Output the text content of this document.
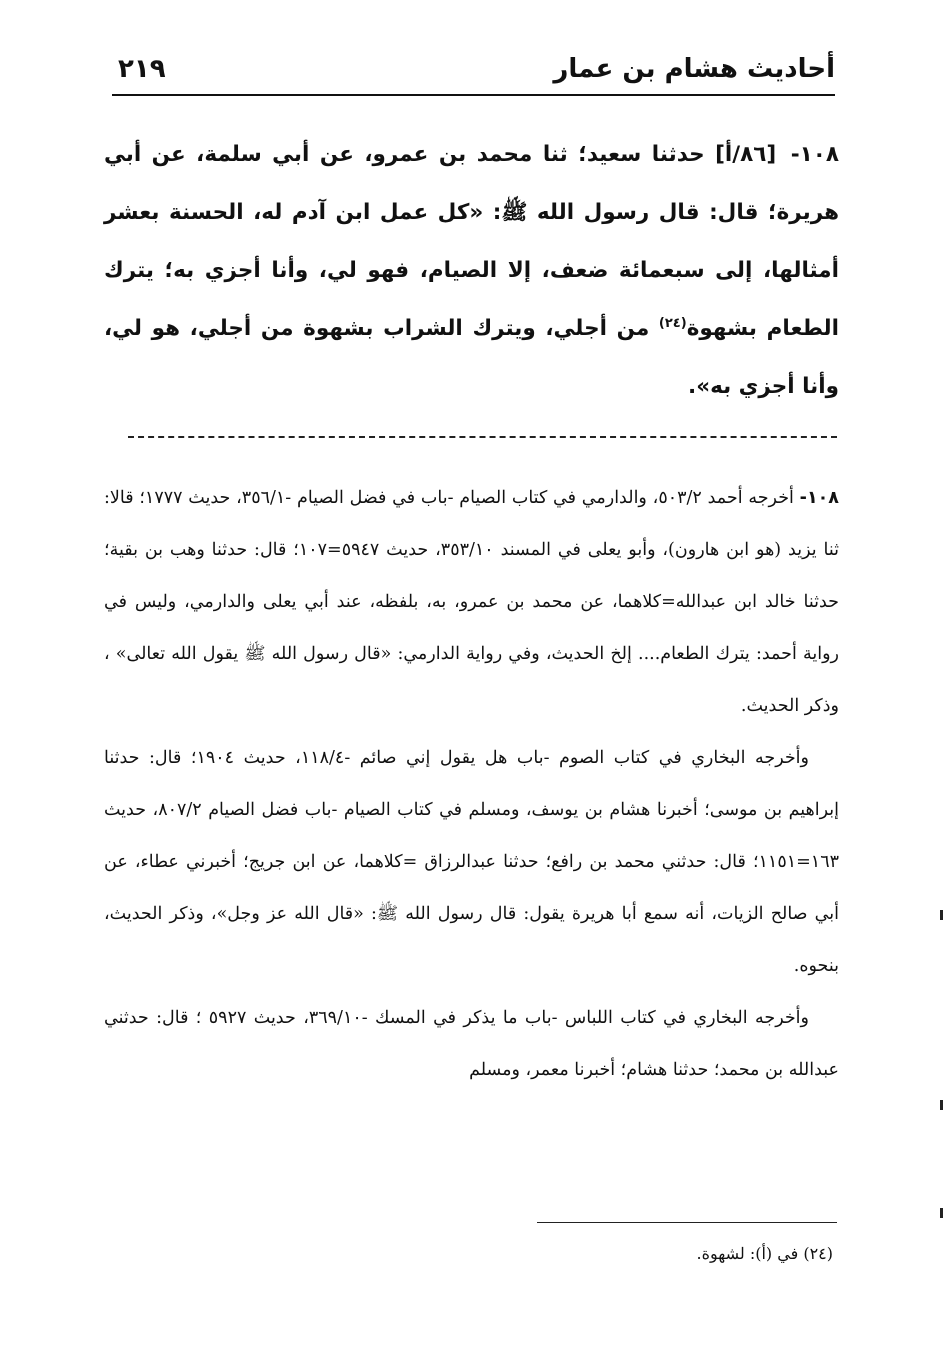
أحاديث هشام بن عمار
٢١٩
١٠٨- [٨٦/أ] حدثنا سعيد؛ ثنا محمد بن عمرو، عن أبي سلمة، عن أبي هريرة؛ قال: قال رسول الله ﷺ: «كل عمل ابن آدم له، الحسنة بعشر أمثالها، إلى سبعمائة ضعف، إلا الصيام، فهو لي، وأنا أجزي به؛ يترك الطعام بشهوة$^{(٢٤)}$ من أجلي، ويترك الشراب بشهوة من أجلي، هو لي، وأنا أجزي به».

١٠٨- أخرجه أحمد ٥٠٣/٢، والدارمي في كتاب الصيام -باب في فضل الصيام -٣٥٦/١، حديث ١٧٧٧؛ قالا: ثنا يزيد (هو ابن هارون)، وأبو يعلى في المسند ٣٥٣/١٠، حديث ٥٩٤٧=١٠٧؛ قال: حدثنا وهب بن بقية؛ حدثنا خالد ابن عبدالله=كلاهما، عن محمد بن عمرو، به، بلفظه، عند أبي يعلى والدارمي، وليس في رواية أحمد: يترك الطعام.... إلخ الحديث، وفي رواية الدارمي: «قال رسول الله ﷺ يقول الله تعالى» ، وذكر الحديث.

وأخرجه البخاري في كتاب الصوم -باب هل يقول إني صائم -١١٨/٤، حديث ١٩٠٤؛ قال: حدثنا إبراهيم بن موسى؛ أخبرنا هشام بن يوسف، ومسلم في كتاب الصيام -باب فضل الصيام ٨٠٧/٢، حديث ١٦٣=١١٥١؛ قال: حدثني محمد بن رافع؛ حدثنا عبدالرزاق =كلاهما، عن ابن جريج؛ أخبرني عطاء، عن أبي صالح الزيات، أنه سمع أبا هريرة يقول: قال رسول الله ﷺ: «قال الله عز وجل»، وذكر الحديث، بنحوه.

وأخرجه البخاري في كتاب اللباس -باب ما يذكر في المسك -٣٦٩/١٠، حديث ٥٩٢٧ ؛ قال: حدثني عبدالله بن محمد؛ حدثنا هشام؛ أخبرنا معمر، ومسلم

(٢٤) في (أ): لشهوة.
